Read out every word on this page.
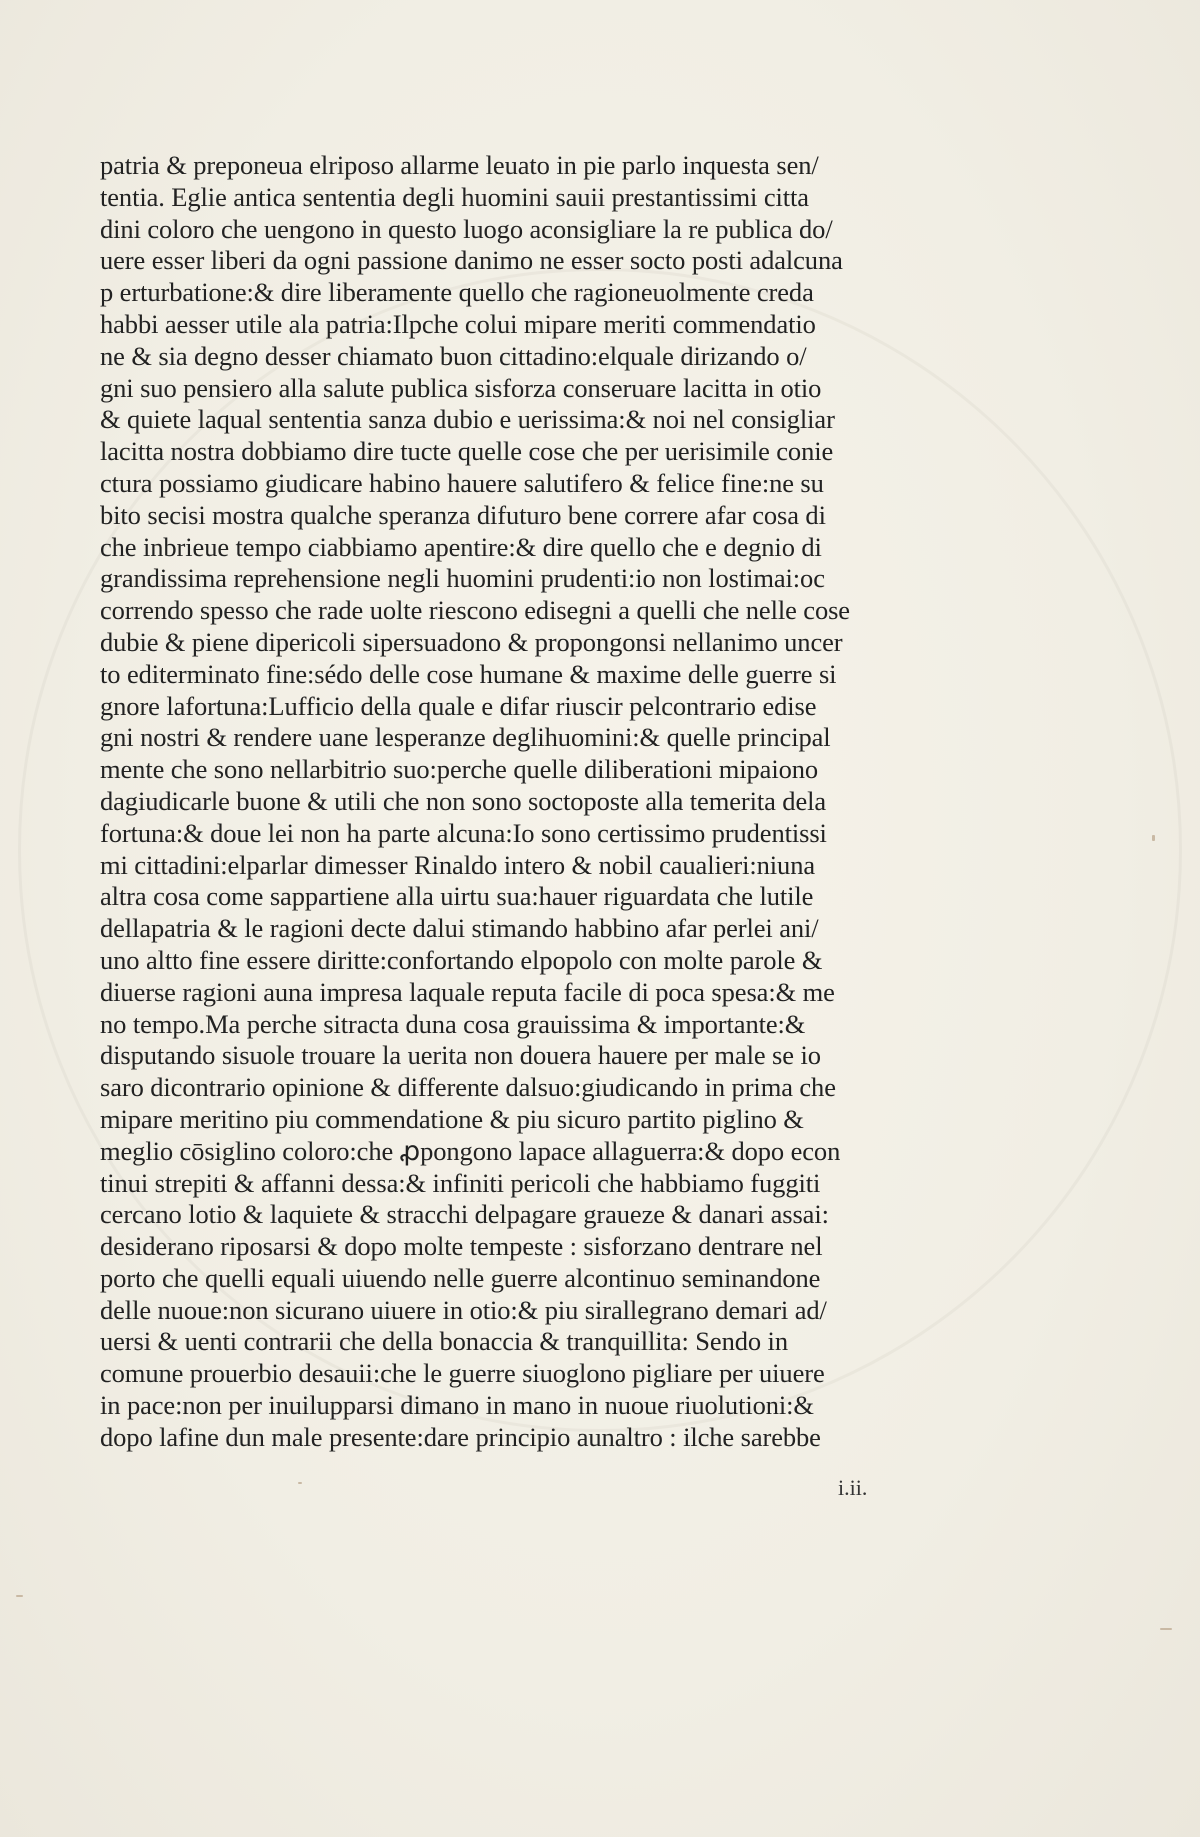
patria & preponeua elriposo allarme leuato in pie parlo inquesta sen/
tentia. Eglie antica sententia degli huomini sauii prestantissimi citta
dini coloro che uengono in questo luogo aconsigliare la re publica do/
uere esser liberi da ogni passione danimo ne esser socto posti adalcuna
p erturbatione:& dire liberamente quello che ragioneuolmente creda
habbi aesser utile ala patria:Ilpche colui mipare meriti commendatio
ne & sia degno desser chiamato buon cittadino:elquale dirizando o/
gni suo pensiero alla salute publica sisforza conseruare lacitta in otio
& quiete laqual sententia sanza dubio e uerissima:& noi nel consigliar
lacitta nostra dobbiamo dire tucte quelle cose che per uerisimile conie
ctura possiamo giudicare habino hauere salutifero & felice fine:ne su
bito secisi mostra qualche speranza difuturo bene correre afar cosa di
che inbrieue tempo ciabbiamo apentire:& dire quello che e degnio di
grandissima reprehensione negli huomini prudenti:io non lostimai:oc
correndo spesso che rade uolte riescono edisegni a quelli che nelle cose
dubie & piene dipericoli sipersuadono & propongonsi nellanimo uncer
to editerminato fine:sédo delle cose humane & maxime delle guerre si
gnore lafortuna:Lufficio della quale e difar riuscir pelcontrario edise
gni nostri & rendere uane lesperanze deglihuomini:& quelle principal
mente che sono nellarbitrio suo:perche quelle diliberationi mipaiono
dagiudicarle buone & utili che non sono soctoposte alla temerita dela
fortuna:& doue lei non ha parte alcuna:Io sono certissimo prudentissi
mi cittadini:elparlar dimesser Rinaldo intero & nobil caualieri:niuna
altra cosa come sappartiene alla uirtu sua:hauer riguardata che lutile
dellapatria & le ragioni decte dalui stimando habbino afar perlei ani/
uno altto fine essere diritte:confortando elpopolo con molte parole &
diuerse ragioni auna impresa laquale reputa facile di poca spesa:& me
no tempo.Ma perche sitracta duna cosa grauissima & importante:&
disputando sisuole trouare la uerita non douera hauere per male se io
saro dicontrario opinione & differente dalsuo:giudicando in prima che
mipare meritino piu commendatione & piu sicuro partito piglino &
meglio cōsiglino coloro:che ꝓpongono lapace allaguerra:& dopo econ
tinui strepiti & affanni dessa:& infiniti pericoli che habbiamo fuggiti
cercano lotio & laquiete & stracchi delpagare graueze & danari assai:
desiderano riposarsi & dopo molte tempeste : sisforzano dentrare nel
porto che quelli equali uiuendo nelle guerre alcontinuo seminandone
delle nuoue:non sicurano uiuere in otio:& piu sirallegrano demari ad/
uersi & uenti contrarii che della bonaccia & tranquillita: Sendo in
comune prouerbio desauii:che le guerre siuoglono pigliare per uiuere
in pace:non per inuilupparsi dimano in mano in nuoue riuolutioni:&
dopo lafine dun male presente:dare principio aunaltro : ilche sarebbe
i.ii.
